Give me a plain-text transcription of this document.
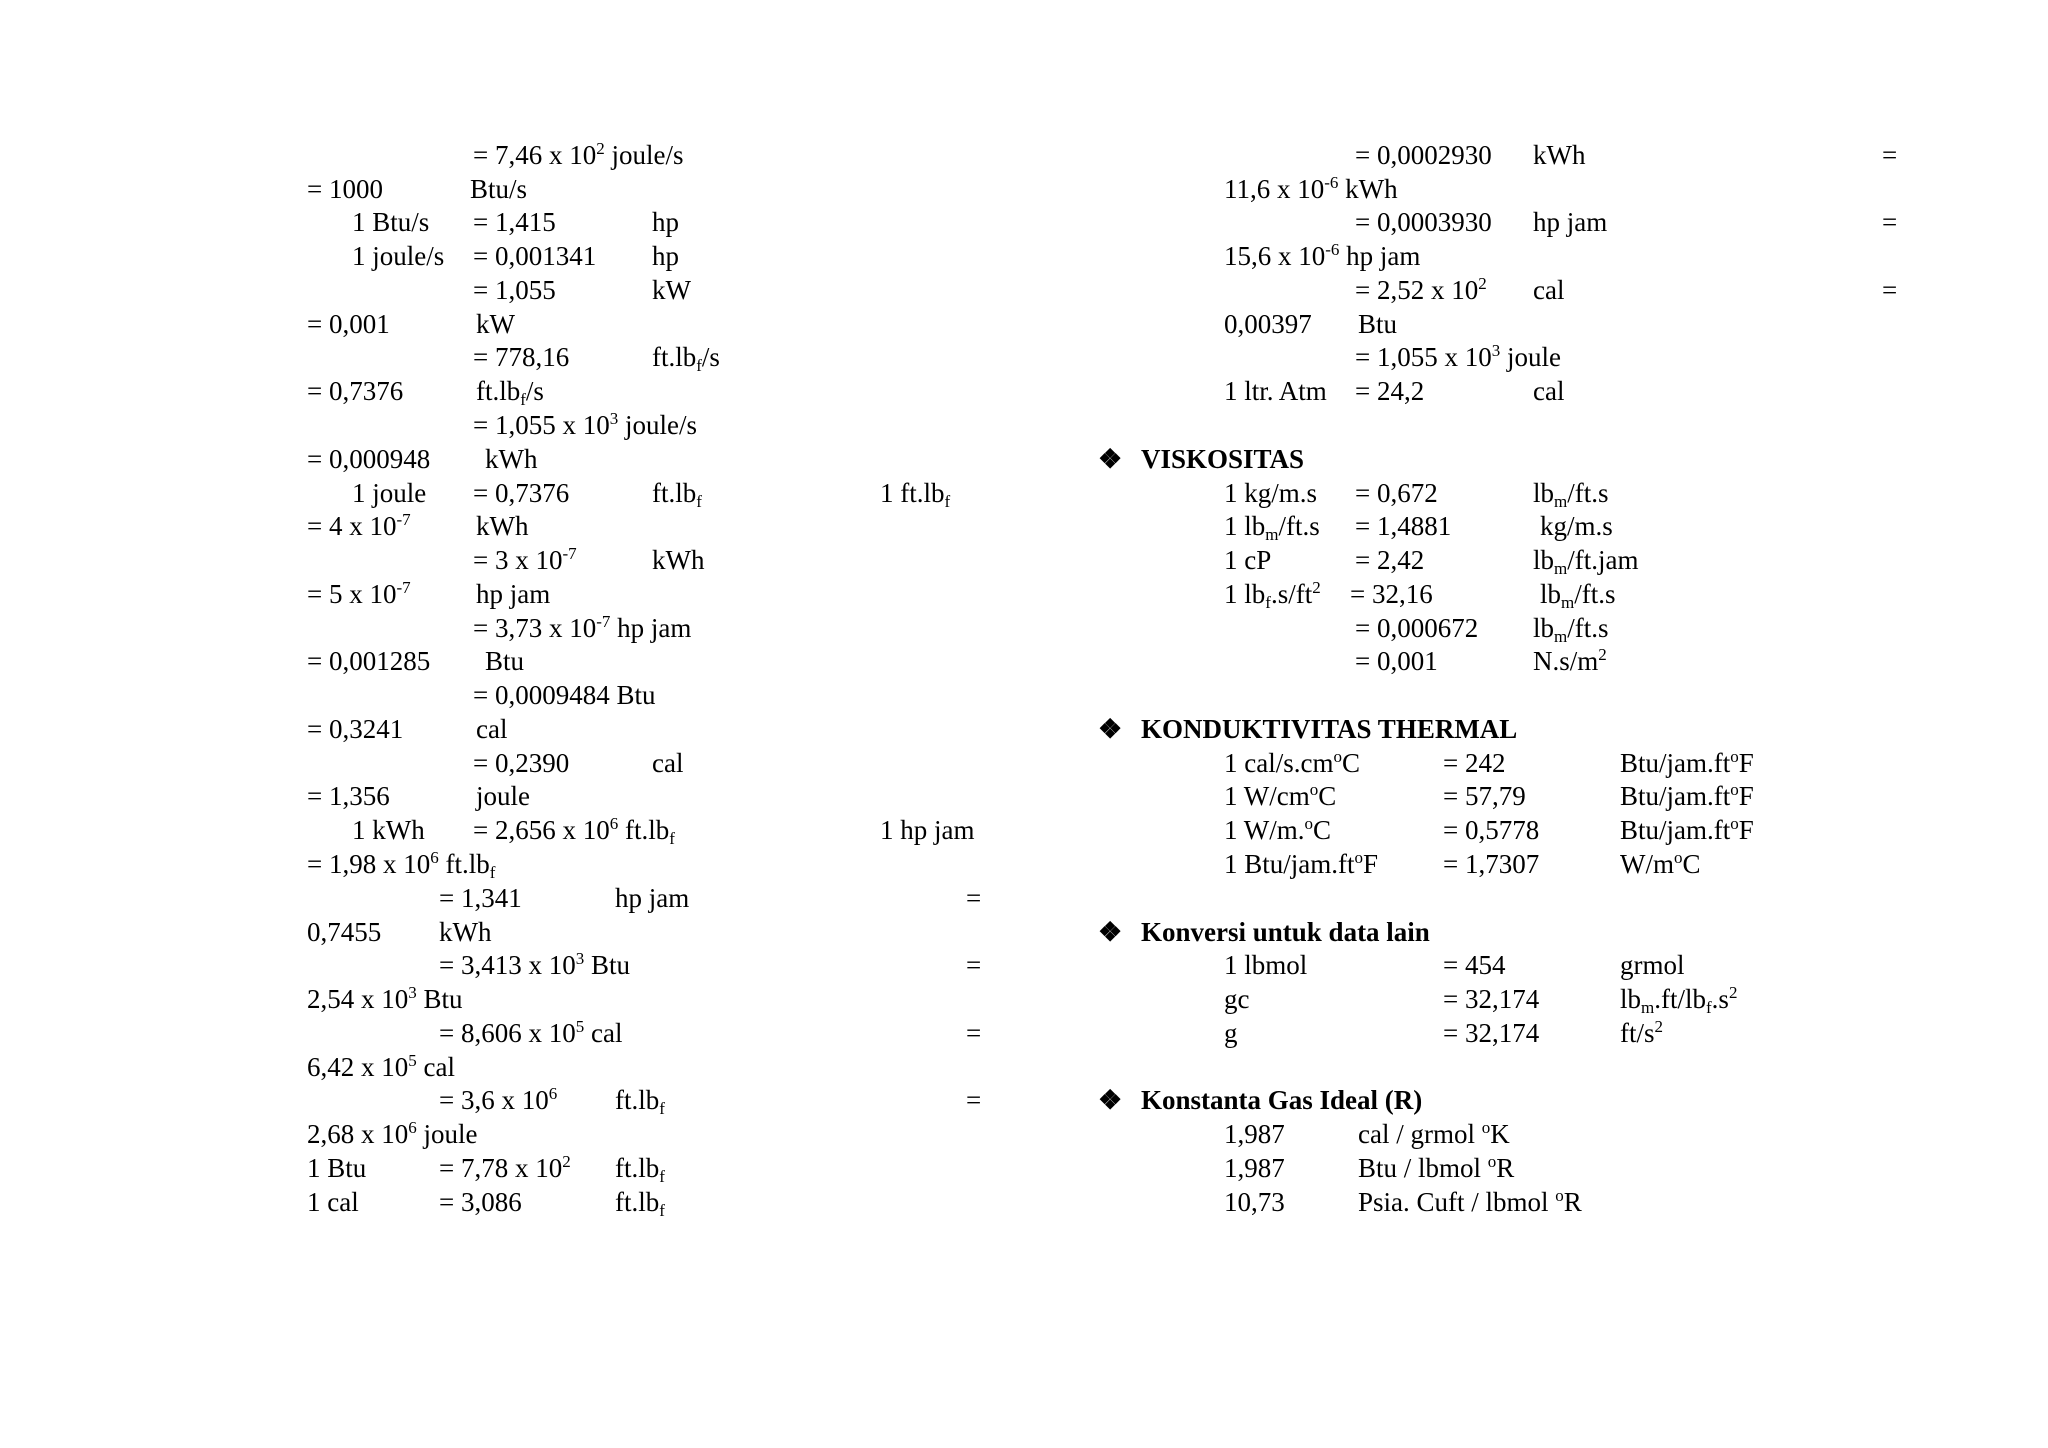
= 7,46 x $10^2$ joule/s
= 1000	Btu/s
1 Btu/s = 1,415	hp
1 joule/s = 0,001341 hp
= 1,055	kW
= 0,001	kW
= 778,16	$ft.lb_f/s$
= 0,7376	$ft.lb_f/s$
= 1,055 x $10^3$ joule/s
= 0,000948 kWh
1 joule = 0,7376	$ft.lb_f$	1 $ft.lb_f$
= 4 x $10^{-7}$ kWh
= 3 x $10^{-7}$	kWh
= 5 x $10^{-7}$ hp jam
= 3,73 x $10^{-7}$ hp jam
= 0,001285 Btu
= 0,0009484 Btu
= 0,3241	cal
= 0,2390	cal
= 1,356	joule
1 kWh = 2,656 x $10^6$ $ft.lb_f$	1 hp jam
= 1,98 x $10^6$ $ft.lb_f$
= 1,341	hp jam	=
0,7455 kWh
= 3,413 x $10^3$ Btu	=
2,54 x $10^3$ Btu
= 8,606 x $10^5$ cal	=
6,42 x $10^5$ cal
= 3,6 x $10^6$ $ft.lb_f$	=
2,68 x $10^6$ joule
1 Btu	= 7,78 x $10^2$ $ft.lb_f$
1 cal	= 3,086	$ft.lb_f$
= 0,0002930 kWh	=
11,6 x $10^{-6}$ kWh
= 0,0003930 hp jam	=
15,6 x $10^{-6}$ hp jam
= 2,52 x $10^2$ cal	=
0,00397 Btu
= 1,055 x $10^3$ joule
1 ltr. Atm = 24,2	cal
❖ VISKOSITAS
1 kg/m.s = 0,672	$lb_m/ft.s$
1 $lb_m/ft.s = 1,4881$	kg/m.s
1 cP	= 2,42	$lb_m/ft.jam$
1 $lb_f.s/ft^2 = 32,16$	$lb_m/ft.s$
= 0,000672 $lb_m/ft.s$
= 0,001	$N.s/m^2$
❖ KONDUKTIVITAS THERMAL
1 cal/$s.cm^oC$	= 242	Btu/$jam.ft^oF$
1 $W/cm^oC$	= 57,79	Btu/$jam.ft^oF$
1 W/m.$^o$C	= 0,5778	Btu/$jam.ft^oF$
1 Btu/$jam.ft^oF = 1,7307$	$W/m^oC$
❖ Konversi untuk data lain
1 lbmol	= 454	grmol
gc	= 32,174	$lb_m.ft/lb_f.s^2$
g	= 32,174	$ft/s^2$
❖ Konstanta Gas Ideal (R)
1,987	cal / grmol $^o$K
1,987	Btu / lbmol $^o$R
10,73	Psia. Cuft / lbmol $^o$R
